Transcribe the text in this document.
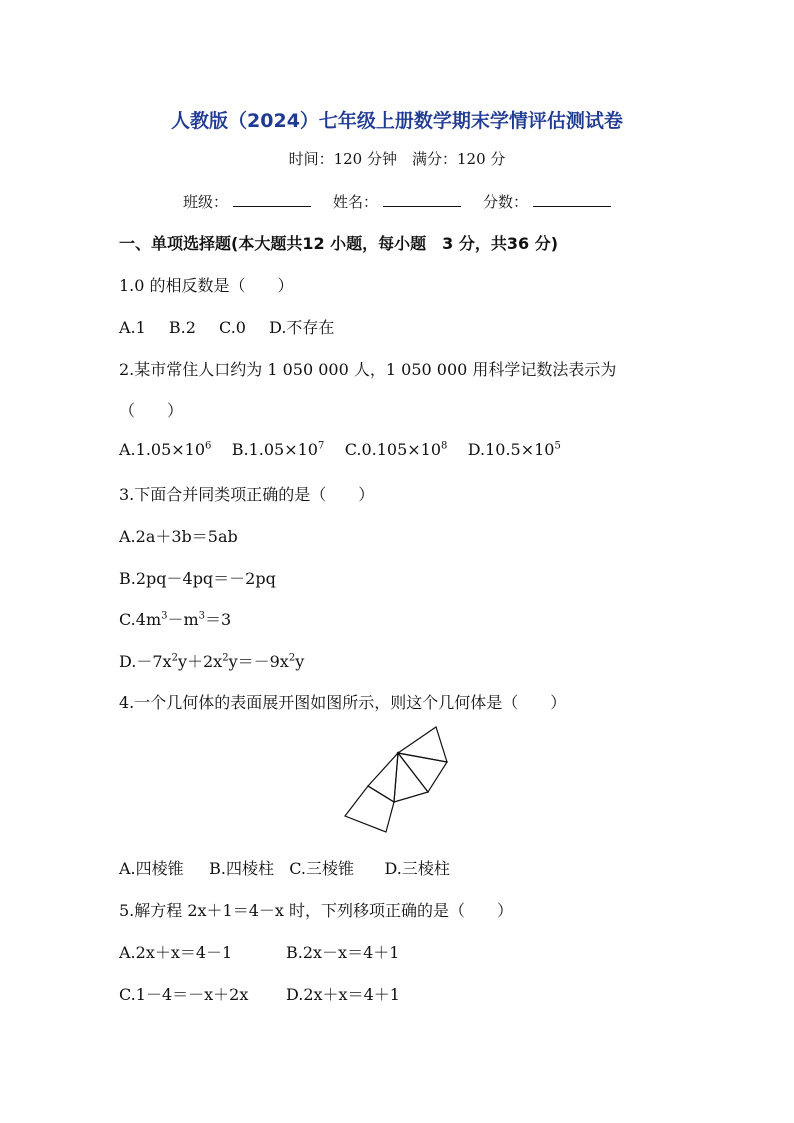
人教版（2024）七年级上册数学期末学情评估测试卷
时间：120 分钟　满分：120 分
班级：	姓名：	分数：
一、单项选择题(本大题共12 小题，每小题　3 分，共36 分)
1.0 的相反数是（　　）
A.1 B.2 C.0 D.不存在
2.某市常住人口约为 1 050 000 人，1 050 000 用科学记数法表示为
（　　）
$A.1.05\times 10^6$ $B.1.05\times 10^7$ $C.0.105\times 10^8$ $D.10.5\times 10^5$
3.下面合并同类项正确的是（　　）
A.2a＋3b＝5ab
B.2pq－4pq＝－2pq
$C.4m^3-m^3=3$
$D.-7x^2y+2x^2y=-9x^2y$
4.一个几何体的表面展开图如图所示，则这个几何体是（　　）
A.四棱锥 B.四棱柱 C.三棱锥 D.三棱柱
5.解方程 2x＋1＝4－x 时，下列移项正确的是（　　）
A.2x＋x＝4－1	B.2x－x＝4＋1
C.1－4＝－x＋2x D.2x＋x＝4＋1
